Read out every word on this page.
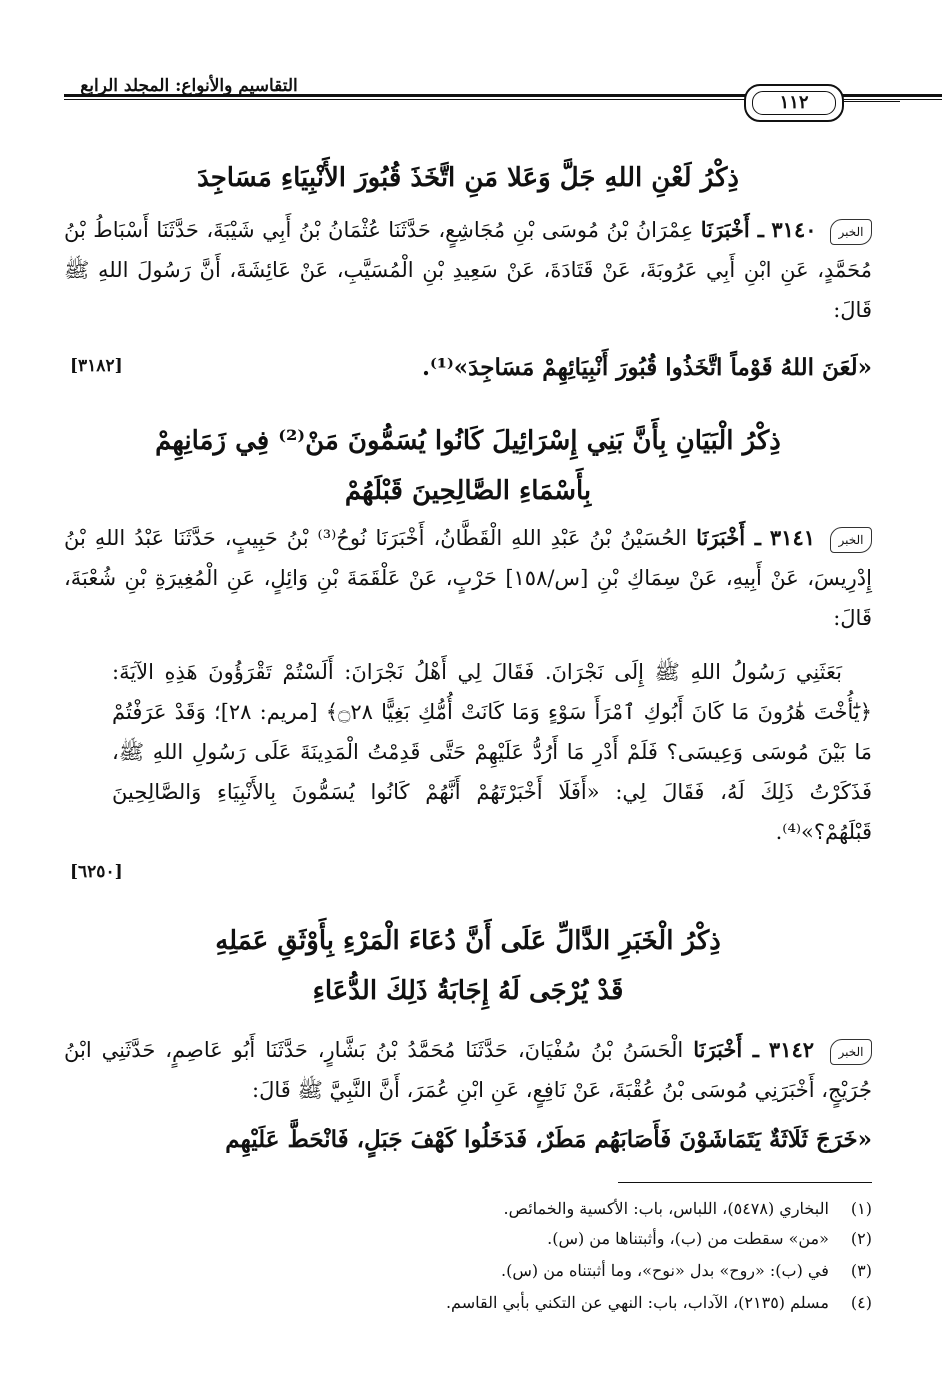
التقاسيم والأنواع: المجلد الرابع
١١٢
ذِكْرُ لَعْنِ اللهِ جَلَّ وَعَلا مَنِ اتَّخَذَ قُبُورَ الأَنْبِيَاءِ مَسَاجِدَ
الخبر ٣١٤٠ ـ أَخْبَرَنَا عِمْرَانُ بْنُ مُوسَى بْنِ مُجَاشِعٍ، حَدَّثَنَا عُثْمَانُ بْنُ أَبِي شَيْبَةَ، حَدَّثَنَا أَسْبَاطُ بْنُ مُحَمَّدٍ، عَنِ ابْنِ أَبِي عَرُوبَةَ، عَنْ قَتَادَةَ، عَنْ سَعِيدِ بْنِ الْمُسَيَّبِ، عَنْ عَائِشَةَ، أَنَّ رَسُولَ اللهِ ﷺ قَالَ:
«لَعَنَ اللهُ قَوْماً اتَّخَذُوا قُبُورَ أَنْبِيَائِهِمْ مَسَاجِدَ»⁽¹⁾.
[٣١٨٢]
ذِكْرُ الْبَيَانِ بِأَنَّ بَنِي إِسْرَائِيلَ كَانُوا يُسَمُّونَ مَنْ⁽²⁾ فِي زَمَانِهِمْ
بِأَسْمَاءِ الصَّالِحِينَ قَبْلَهُمْ
الخبر ٣١٤١ ـ أَخْبَرَنَا الحُسَيْنُ بْنُ عَبْدِ اللهِ الْقَطَّانُ، أَخْبَرَنَا نُوحُ⁽³⁾ بْنُ حَبِيبٍ، حَدَّثَنَا عَبْدُ اللهِ بْنُ إِدْرِيسَ، عَنْ أَبِيهِ، عَنْ سِمَاكِ بْنِ [س/١٥٨] حَرْبٍ، عَنْ عَلْقَمَةَ بْنِ وَائِلٍ، عَنِ الْمُغِيرَةِ بْنِ شُعْبَةَ، قَالَ:
بَعَثَنِي رَسُولُ اللهِ ﷺ إِلَى نَجْرَانَ. فَقَالَ لِي أَهْلُ نَجْرَانَ: أَلَسْتُمْ تَقْرَؤُونَ هَذِهِ الآيَةَ: ﴿يَٰٓأُخْتَ هَٰرُونَ مَا كَانَ أَبُوكِ ٱمْرَأَ سَوْءٍ وَمَا كَانَتْ أُمُّكِ بَغِيًّا ۝٢٨﴾ [مريم: ٢٨]؛ وَقَدْ عَرَفْتُمْ مَا بَيْنَ مُوسَى وَعِيسَى؟ فَلَمْ أَدْرِ مَا أَرُدُّ عَلَيْهِمْ حَتَّى قَدِمْتُ الْمَدِينَةَ عَلَى رَسُولِ اللهِ ﷺ، فَذَكَرْتُ ذَلِكَ لَهُ، فَقَالَ لِي: «أَفَلَا أَخْبَرْتَهُمْ أَنَّهُمْ كَانُوا يُسَمُّونَ بِالأَنْبِيَاءِ وَالصَّالِحِينَ قَبْلَهُمْ؟»⁽⁴⁾.
[٦٢٥٠]
ذِكْرُ الْخَبَرِ الدَّالِّ عَلَى أَنَّ دُعَاءَ الْمَرْءِ بِأَوْثَقِ عَمَلِهِ
قَدْ يُرْجَى لَهُ إِجَابَةُ ذَلِكَ الدُّعَاءِ
الخبر ٣١٤٢ ـ أَخْبَرَنَا الْحَسَنُ بْنُ سُفْيَانَ، حَدَّثَنَا مُحَمَّدُ بْنُ بَشَّارٍ، حَدَّثَنَا أَبُو عَاصِمٍ، حَدَّثَنِي ابْنُ جُرَيْجٍ، أَخْبَرَنِي مُوسَى بْنُ عُقْبَةَ، عَنْ نَافِعٍ، عَنِ ابْنِ عُمَرَ، أَنَّ النَّبِيَّ ﷺ قَالَ:
«خَرَجَ ثَلَاثَةٌ يَتَمَاشَوْنَ فَأَصَابَهُم مَطَرٌ، فَدَخَلُوا كَهْفَ جَبَلٍ، فَانْحَطَّ عَلَيْهِم
(١) البخاري (٥٤٧٨)، اللباس، باب: الأكسية والخمائص.
(٢) «من» سقطت من (ب)، وأثبتناها من (س).
(٣) في (ب): «روح» بدل «نوح»، وما أثبتناه من (س).
(٤) مسلم (٢١٣٥)، الآداب، باب: النهي عن التكني بأبي القاسم.
